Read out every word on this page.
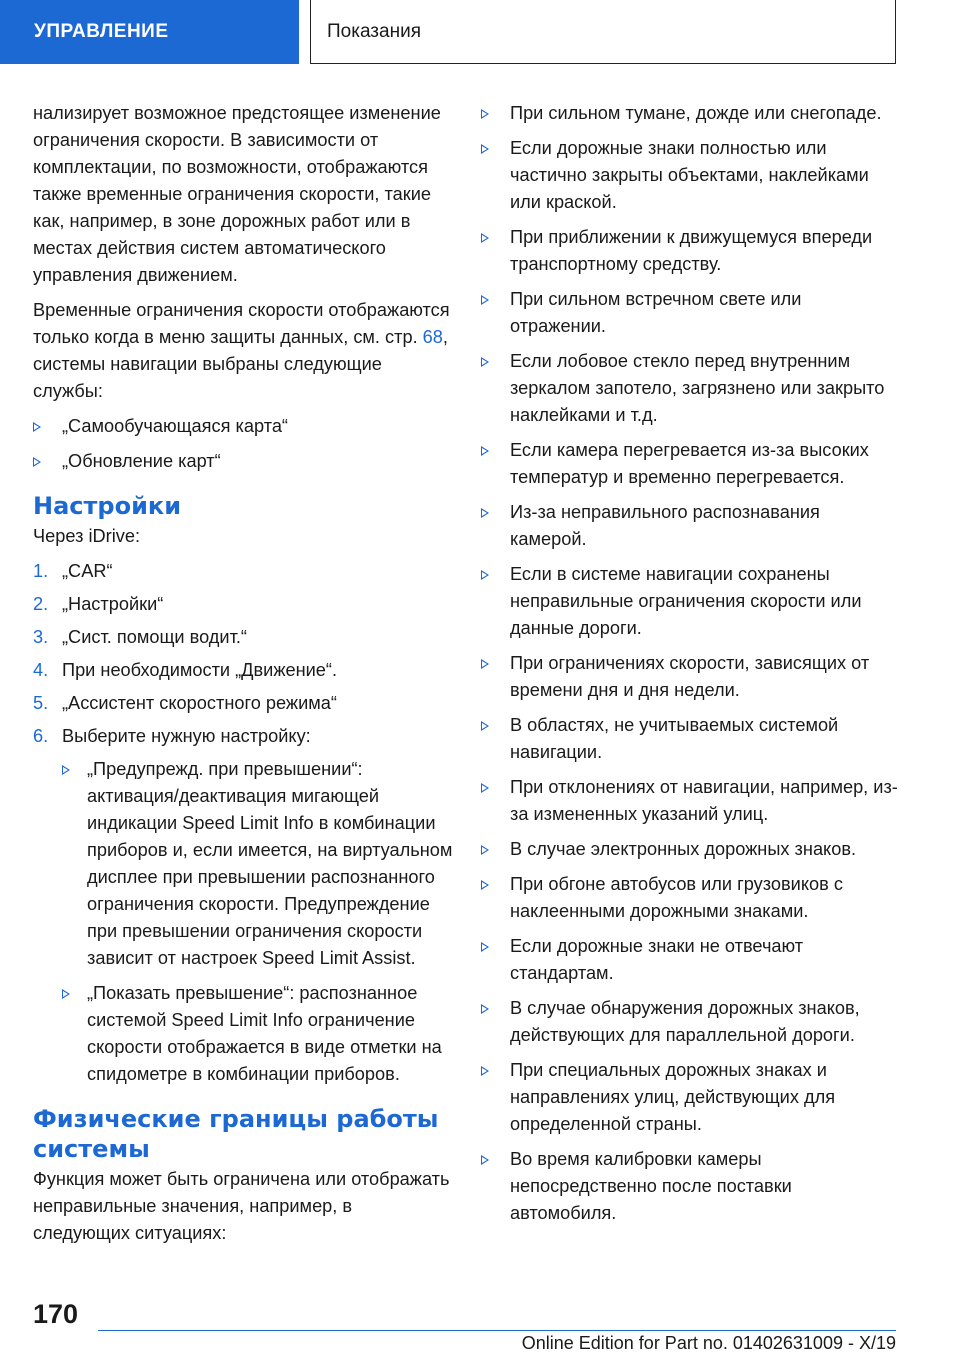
УПРАВЛЕНИЕ	Показания

нализирует возможное предстоящее изменение ограничения скорости. В зависимости от комплектации, по возможности, отображаются также временные ограничения скорости, такие как, например, в зоне дорожных работ или в местах действия систем автоматического управления движением.

Временные ограничения скорости отображаются только когда в меню защиты данных, см. стр. 68, системы навигации выбраны следующие службы:

„Самообучающаяся карта“
„Обновление карт“
Настройки

Через iDrive:

1. „CAR“
2. „Настройки“
3. „Сист. помощи водит.“
4. При необходимости „Движение“.
5. „Ассистент скоростного режима“
6. Выберите нужную настройку:
„Предупрежд. при превышении“: активация/деактивация мигающей индикации Speed Limit Info в комбинации приборов и, если имеется, на виртуальном дисплее при превышении распознанного ограничения скорости. Предупреждение при превышении ограничения скорости зависит от настроек Speed Limit Assist.
„Показать превышение“: распознанное системой Speed Limit Info ограничение скорости отображается в виде отметки на спидометре в комбинации приборов.
Физические границы работы системы

Функция может быть ограничена или отображать неправильные значения, например, в следующих ситуациях:

При сильном тумане, дожде или снегопаде.
Если дорожные знаки полностью или частично закрыты объектами, наклейками или краской.
При приближении к движущемуся впереди транспортному средству.
При сильном встречном свете или отражении.
Если лобовое стекло перед внутренним зеркалом запотело, загрязнено или закрыто наклейками и т.д.
Если камера перегревается из-за высоких температур и временно перегревается.
Из-за неправильного распознавания камерой.
Если в системе навигации сохранены неправильные ограничения скорости или данные дороги.
При ограничениях скорости, зависящих от времени дня и дня недели.
В областях, не учитываемых системой навигации.
При отклонениях от навигации, например, из-за измененных указаний улиц.
В случае электронных дорожных знаков.
При обгоне автобусов или грузовиков с наклеенными дорожными знаками.
Если дорожные знаки не отвечают стандартам.
В случае обнаружения дорожных знаков, действующих для параллельной дороги.
При специальных дорожных знаках и направлениях улиц, действующих для определенной страны.
Во время калибровки камеры непосредственно после поставки автомобиля.
170
Online Edition for Part no. 01402631009 - X/19
